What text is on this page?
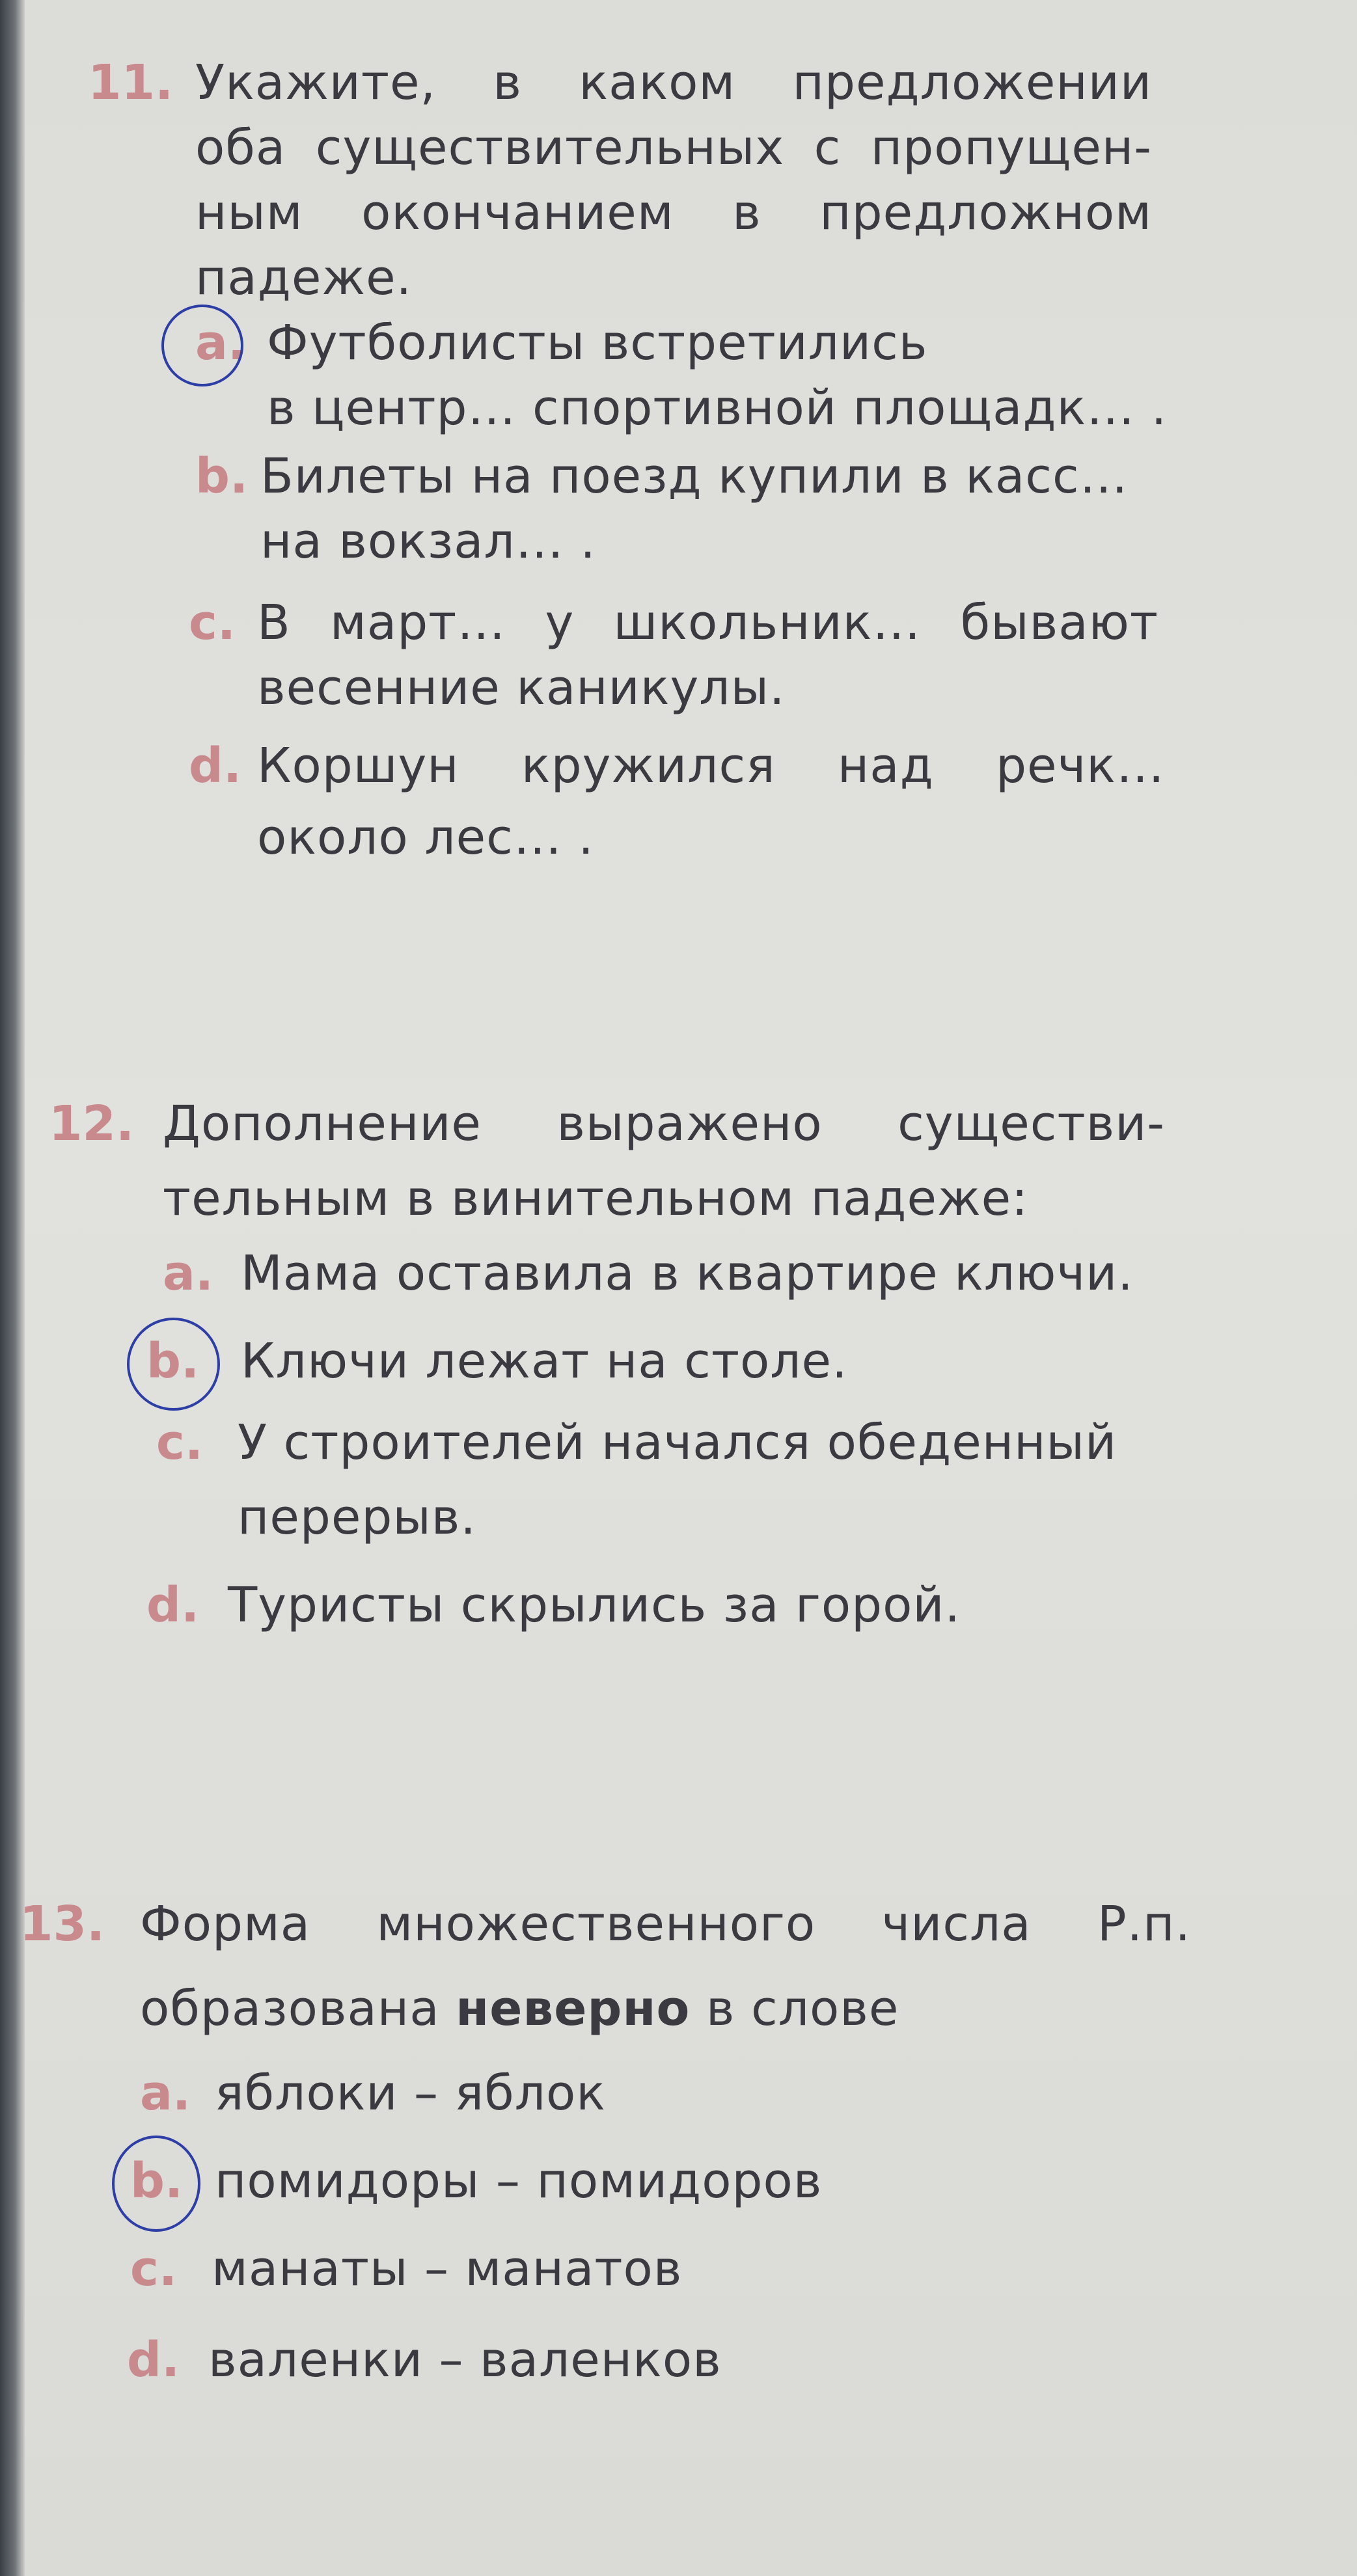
11. Укажите, в каком предложении
оба существительных с пропущен-
ным окончанием в предложном
падеже.
a. Футболисты встретились
в центр… спортивной площадк… .
b. Билеты на поезд купили в касс…
на вокзал… .
c. В март… у школьник… бывают
весенние каникулы.
d. Коршун кружился над речк…
около лес… .
12. Дополнение выражено существи-
тельным в винительном падеже:
a. Мама оставила в квартире ключи.
b. Ключи лежат на столе.
c. У строителей начался обеденный
перерыв.
d. Туристы скрылись за горой.
13. Форма множественного числа Р.п.
образована неверно в слове
a. яблоки – яблок
b. помидоры – помидоров
c. манаты – манатов
d. валенки – валенков
